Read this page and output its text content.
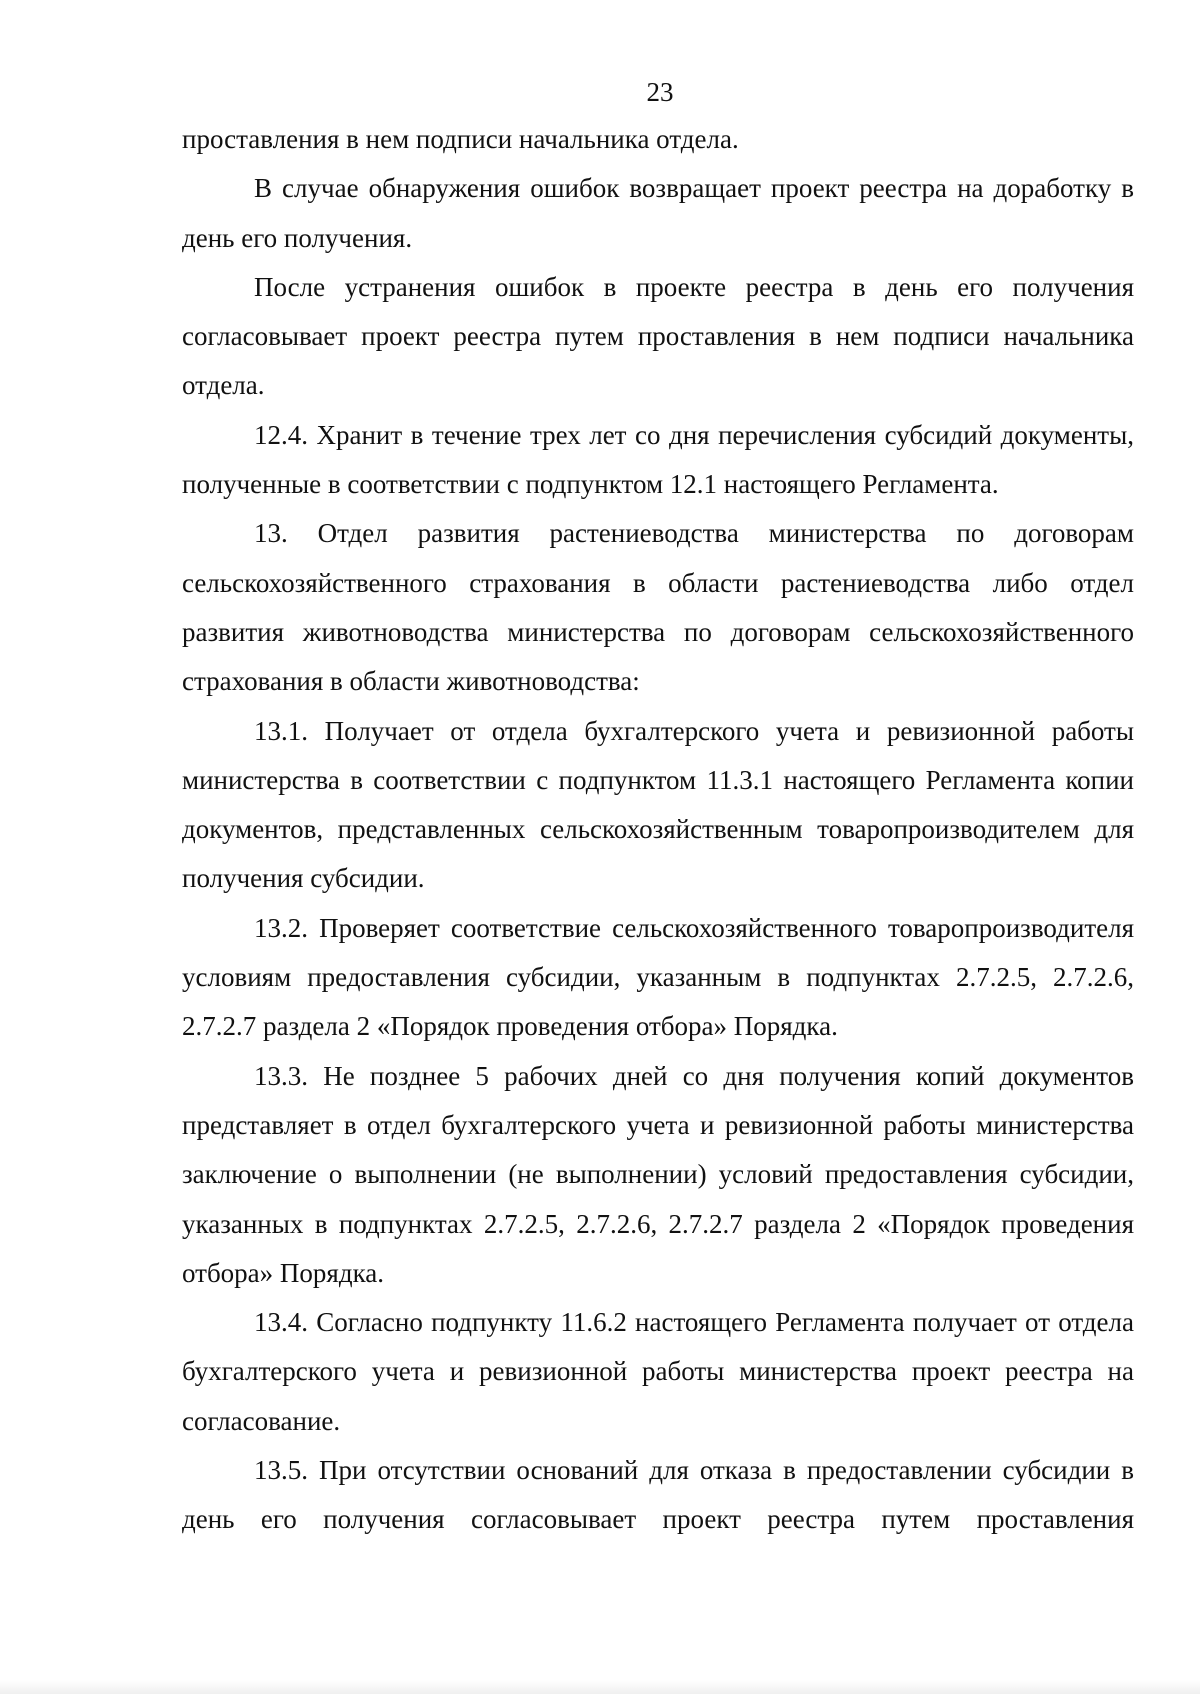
23

проставления в нем подписи начальника отдела.

В случае обнаружения ошибок возвращает проект реестра на доработку в день его получения.

После устранения ошибок в проекте реестра в день его получения согласовывает проект реестра путем проставления в нем подписи начальника отдела.

12.4. Хранит в течение трех лет со дня перечисления субсидий документы, полученные в соответствии с подпунктом 12.1 настоящего Регламента.

13. Отдел развития растениеводства министерства по договорам сельскохозяйственного страхования в области растениеводства либо отдел развития животноводства министерства по договорам сельскохозяйственного страхования в области животноводства:

13.1. Получает от отдела бухгалтерского учета и ревизионной работы министерства в соответствии с подпунктом 11.3.1 настоящего Регламента копии документов, представленных сельскохозяйственным товаропроизводителем для получения субсидии.

13.2. Проверяет соответствие сельскохозяйственного товаропроизводителя условиям предоставления субсидии, указанным в подпунктах 2.7.2.5, 2.7.2.6, 2.7.2.7 раздела 2 «Порядок проведения отбора» Порядка.

13.3. Не позднее 5 рабочих дней со дня получения копий документов представляет в отдел бухгалтерского учета и ревизионной работы министерства заключение о выполнении (не выполнении) условий предоставления субсидии, указанных в подпунктах 2.7.2.5, 2.7.2.6, 2.7.2.7 раздела 2 «Порядок проведения отбора» Порядка.

13.4. Согласно подпункту 11.6.2 настоящего Регламента получает от отдела бухгалтерского учета и ревизионной работы министерства проект реестра на согласование.

13.5. При отсутствии оснований для отказа в предоставлении субсидии в день его получения согласовывает проект реестра путем проставления
